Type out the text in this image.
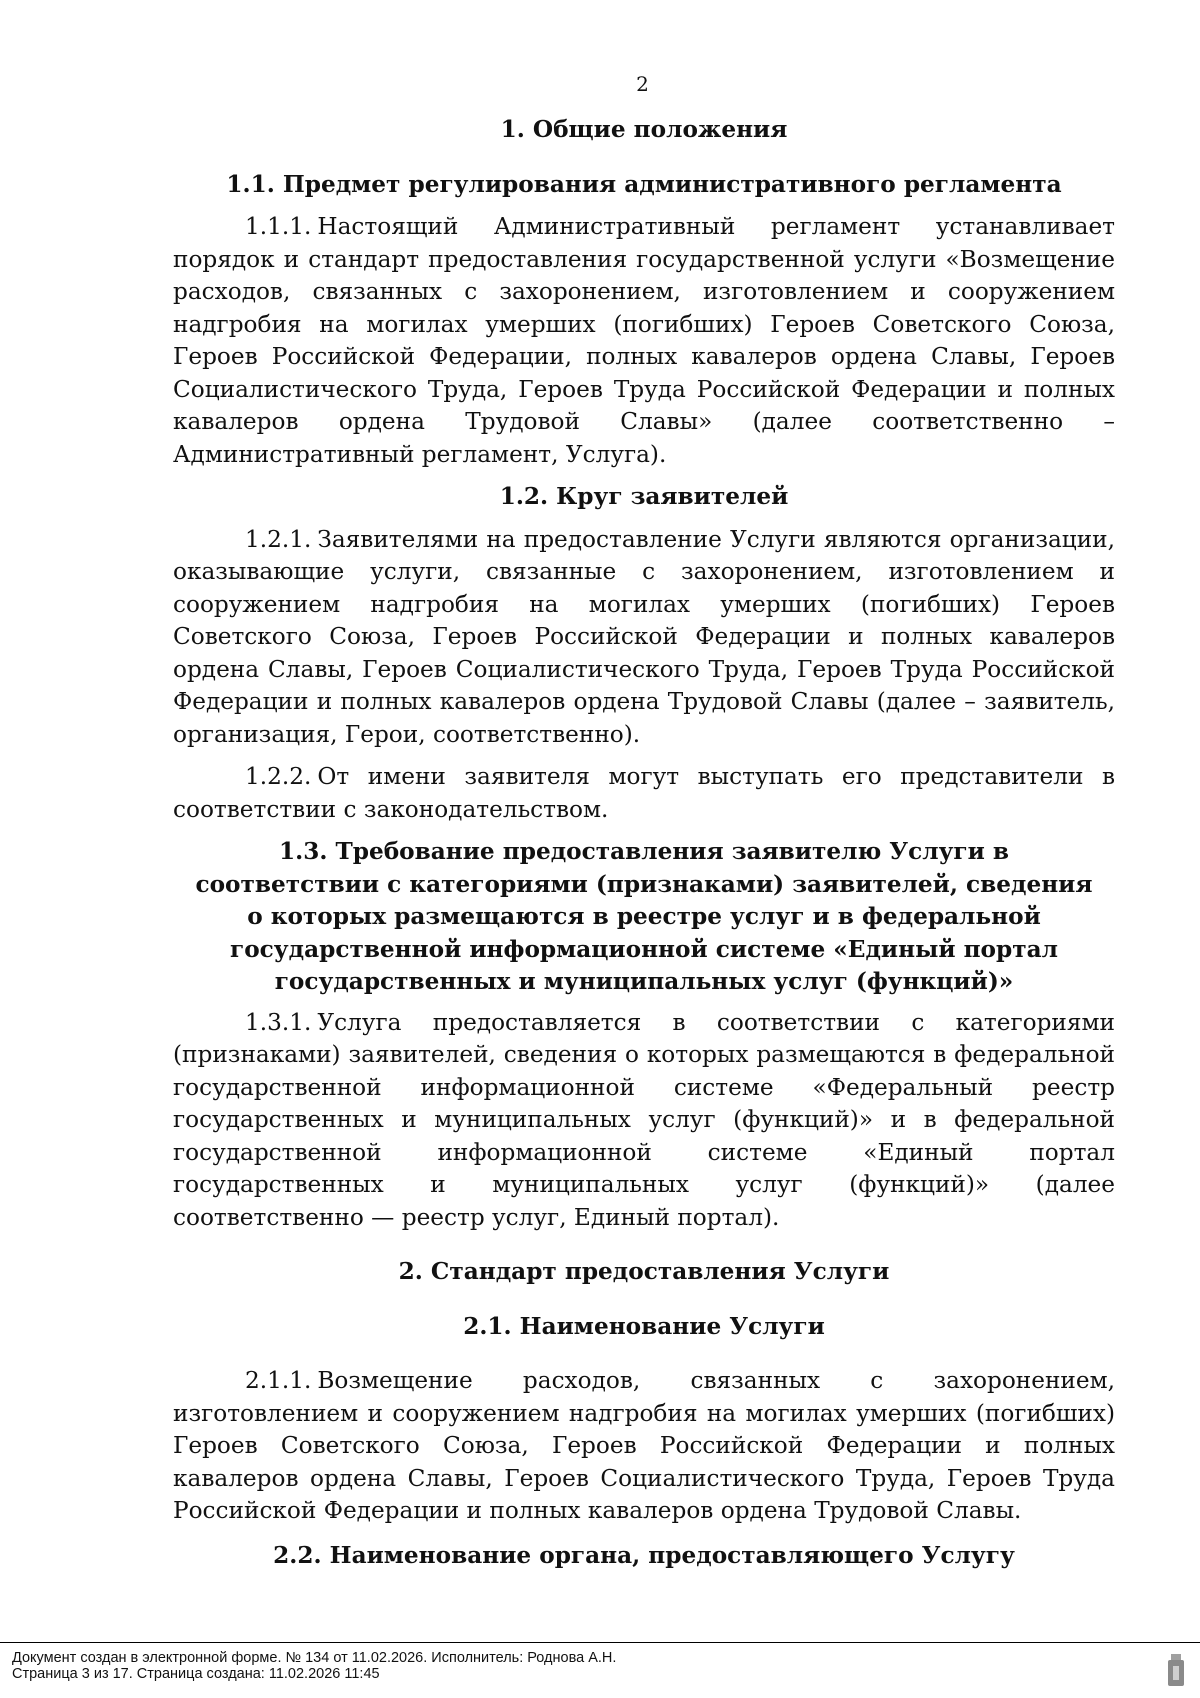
2

1. Общие положения

1.1. Предмет регулирования административного регламента

1.1.1. Настоящий Административный регламент устанавливает порядок и стандарт предоставления государственной услуги «Возмещение расходов, связанных с захоронением, изготовлением и сооружением надгробия на могилах умерших (погибших) Героев Советского Союза, Героев Российской Федерации, полных кавалеров ордена Славы, Героев Социалистического Труда, Героев Труда Российской Федерации и полных кавалеров ордена Трудовой Славы» (далее соответственно – Административный регламент, Услуга).

1.2. Круг заявителей

1.2.1. Заявителями на предоставление Услуги являются организации, оказывающие услуги, связанные с захоронением, изготовлением и сооружением надгробия на могилах умерших (погибших) Героев Советского Союза, Героев Российской Федерации и полных кавалеров ордена Славы, Героев Социалистического Труда, Героев Труда Российской Федерации и полных кавалеров ордена Трудовой Славы (далее – заявитель, организация, Герои, соответственно).

1.2.2. От имени заявителя могут выступать его представители в соответствии с законодательством.

1.3. Требование предоставления заявителю Услуги в соответствии с категориями (признаками) заявителей, сведения о которых размещаются в реестре услуг и в федеральной государственной информационной системе «Единый портал государственных и муниципальных услуг (функций)»

1.3.1. Услуга предоставляется в соответствии с категориями (признаками) заявителей, сведения о которых размещаются в федеральной государственной информационной системе «Федеральный реестр государственных и муниципальных услуг (функций)» и в федеральной государственной информационной системе «Единый портал государственных и муниципальных услуг (функций)» (далее соответственно — реестр услуг, Единый портал).

2. Стандарт предоставления Услуги

2.1. Наименование Услуги

2.1.1. Возмещение расходов, связанных с захоронением, изготовлением и сооружением надгробия на могилах умерших (погибших) Героев Советского Союза, Героев Российской Федерации и полных кавалеров ордена Славы, Героев Социалистического Труда, Героев Труда Российской Федерации и полных кавалеров ордена Трудовой Славы.

2.2. Наименование органа, предоставляющего Услугу

Документ создан в электронной форме. № 134 от 11.02.2026. Исполнитель: Роднова А.Н.
Страница 3 из 17. Страница создана: 11.02.2026 11:45
